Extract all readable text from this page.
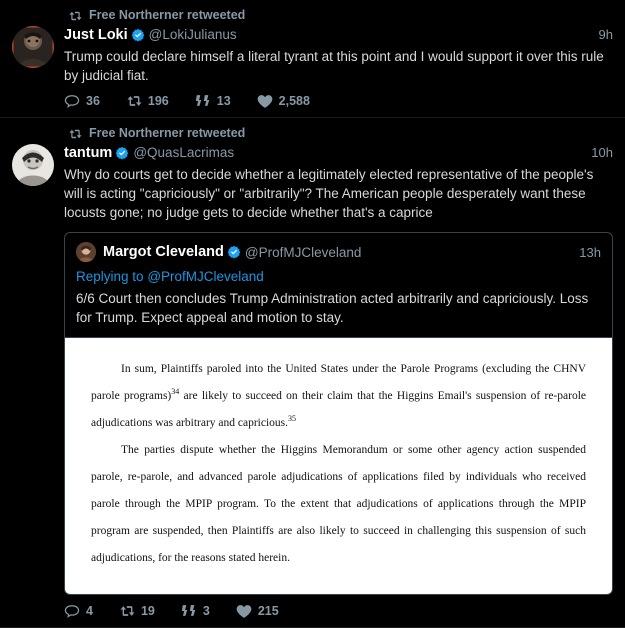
Free Northerner retweeted
Just Loki @LokiJulianus	9h
Trump could declare himself a literal tyrant at this point and I would support it over this rule by judicial fiat.
36	196	13	2,588
Free Northerner retweeted
tantum @QuasLacrimas	10h
Why do courts get to decide whether a legitimately elected representative of the people's will is acting "capriciously" or "arbitrarily"? The American people desperately want these locusts gone; no judge gets to decide whether that's a caprice
Margot Cleveland @ProfMJCleveland	13h
Replying to @ProfMJCleveland
6/6 Court then concludes Trump Administration acted arbitrarily and capriciously. Loss for Trump. Expect appeal and motion to stay.

In sum, Plaintiffs paroled into the United States under the Parole Programs (excluding the CHNV parole programs)$^{34}$ are likely to succeed on their claim that the Higgins Email's suspension of re-parole adjudications was arbitrary and capricious.$^{35}$

The parties dispute whether the Higgins Memorandum or some other agency action suspended parole, re-parole, and advanced parole adjudications of applications filed by individuals who received parole through the MPIP program. To the extent that adjudications of applications through the MPIP program are suspended, then Plaintiffs are also likely to succeed in challenging this suspension of such adjudications, for the reasons stated herein.

4	19	3	215
